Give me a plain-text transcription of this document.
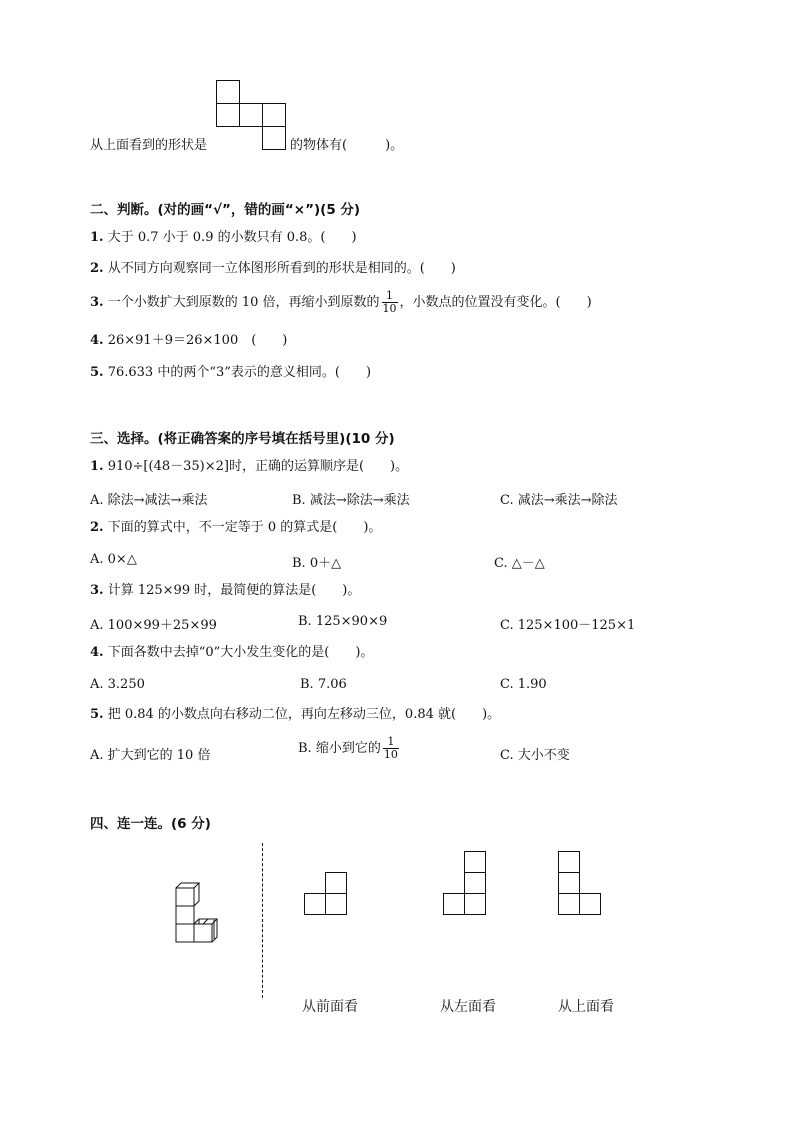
从上面看到的形状是	的物体有(	)。
二、判断。(对的画“√”，错的画“×”)(5 分)
1. 大于 0.7 小于 0.9 的小数只有 0.8。(　　)
2. 从不同方向观察同一立体图形所看到的形状是相同的。(　　)
3. 一个小数扩大到原数的 10 倍，再缩小到原数的 $\frac{1}{10}$ ，小数点的位置没有变化。(　　)
4. 26×91＋9＝26×100　(　　)
5. 76.633 中的两个“3”表示的意义相同。(　　)
三、选择。(将正确答案的序号填在括号里)(10 分)
1. 910÷[(48－35)×2]时，正确的运算顺序是(　　)。
A. 除法→减法→乘法	B. 减法→除法→乘法	C. 减法→乘法→除法
2. 下面的算式中，不一定等于 0 的算式是(　　)。
A. 0×△	B. 0＋△	C. △－△
3. 计算 125×99 时，最简便的算法是(　　)。
A. 100×99＋25×99	B. 125×90×9	C. 125×100－125×1
4. 下面各数中去掉“0”大小发生变化的是(　　)。
A. 3.250	B. 7.06	C. 1.90
5. 把 0.84 的小数点向右移动二位，再向左移动三位，0.84 就(　　)。
A. 扩大到它的 10 倍	B. 缩小到它的 $\frac{1}{10}$	C. 大小不变
四、连一连。(6 分)
从前面看	从左面看	从上面看
